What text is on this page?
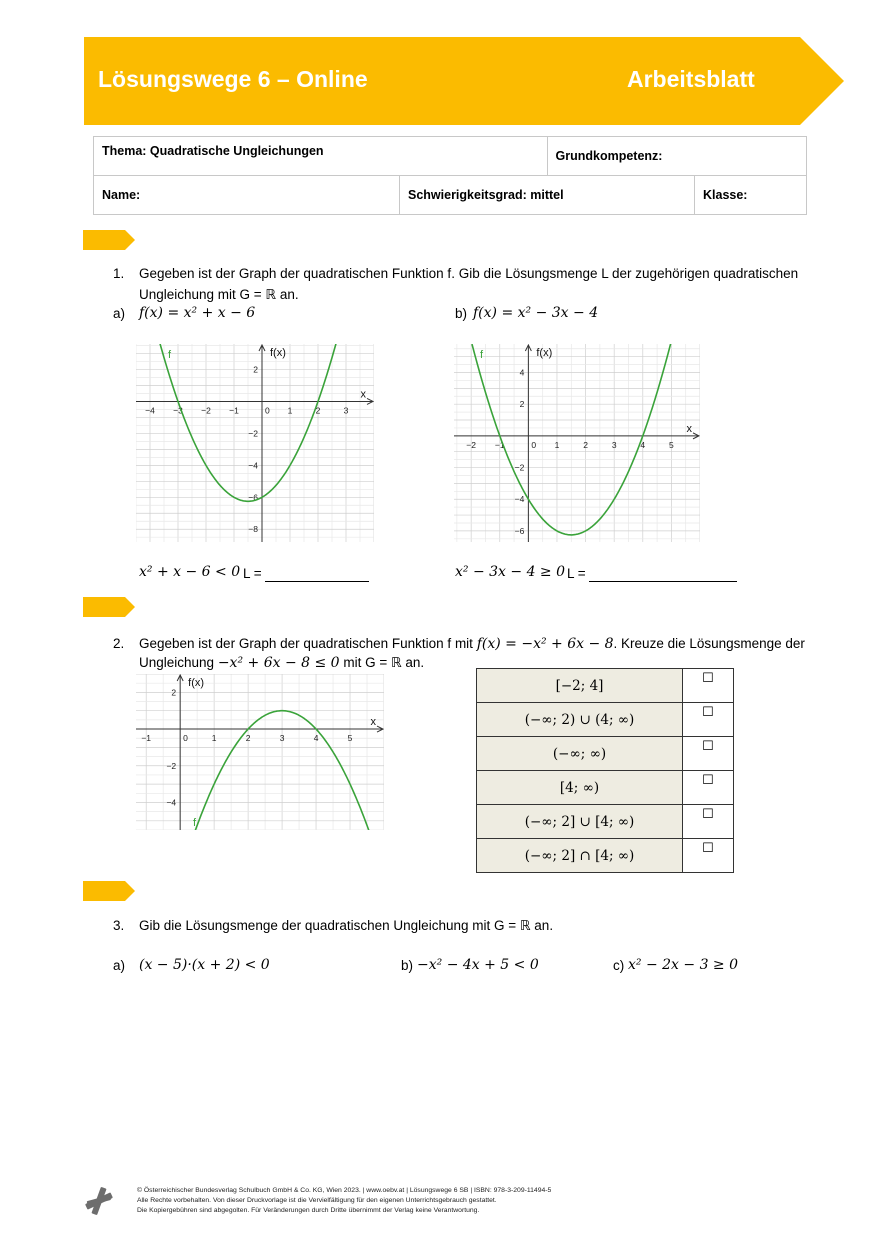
Lösungswege 6 – Online	Arbeitsblatt
Thema: Quadratische Ungleichungen		Grundkompetenz:	
Name:	Schwierigkeitsgrad: mittel		Klasse:
1. Gegeben ist der Graph der quadratischen Funktion f. Gib die Lösungsmenge L der zugehörigen quadratischen
Ungleichung mit G = ℝ an.
a) f(x) = x² + x − 6	b) f(x) = x² − 3x − 4
−4 −3 −2 −1	0 1	2	3
2
−2
−4
−6
−8
x
f(x)
f
−2 −1	0 1	2	3	4	5
4
2
−2
−4
−6
x
f(x)
f
x² + x − 6 < 0 L =	x² − 3x − 4 ≥ 0 L =
2. Gegeben ist der Graph der quadratischen Funktion f mit f(x) = −x² + 6x − 8. Kreuze die Lösungsmenge der
Ungleichung −x² + 6x − 8 ≤ 0 mit G = ℝ an.
−1	0	1	2	3	4	5
2
−2
−4
x
f(x)
f
[−2; 4]	☐
(−∞; 2) ∪ (4; ∞)	☐
(−∞; ∞)	☐
[4; ∞)	☐
(−∞; 2] ∪ [4; ∞)	☐
(−∞; 2] ∩ [4; ∞)	☐
3. Gib die Lösungsmenge der quadratischen Ungleichung mit G = ℝ an.
a) (x − 5)·(x + 2) < 0	b) −x² − 4x + 5 < 0	c) x² − 2x − 3 ≥ 0
© Österreichischer Bundesverlag Schulbuch GmbH & Co. KG, Wien 2023. | www.oebv.at | Lösungswege 6 SB | ISBN: 978-3-209-11494-5
Alle Rechte vorbehalten. Von dieser Druckvorlage ist die Vervielfältigung für den eigenen Unterrichtsgebrauch gestattet.
Die Kopiergebühren sind abgegolten. Für Veränderungen durch Dritte übernimmt der Verlag keine Verantwortung.
